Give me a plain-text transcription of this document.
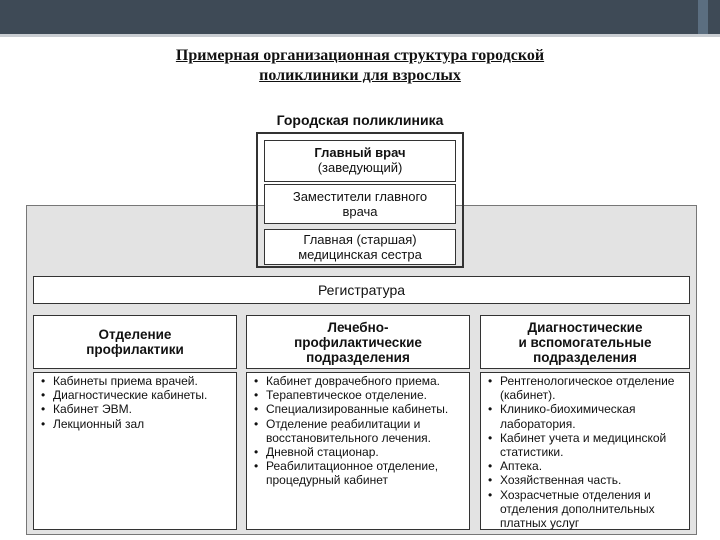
Примерная организационная структура городской
поликлиники для взрослых
Городская поликлиника
Главный врач
(заведующий)
Заместители главного
врача
Главная (старшая)
медицинская сестра
Регистратура
Отделение
профилактики
• Кабинеты приема врачей.
• Диагностические кабинеты.
• Кабинет ЭВМ.
• Лекционный зал
Лечебно-
профилактические
подразделения
• Кабинет доврачебного приема.
• Терапевтическое отделение.
• Специализированные кабинеты.
• Отделение реабилитации и восстановительного лечения.
• Дневной стационар.
• Реабилитационное отделение, процедурный кабинет
Диагностические
и вспомогательные
подразделения
• Рентгенологическое отделение (кабинет).
• Клинико-биохимическая лаборатория.
• Кабинет учета и медицинской статистики.
• Аптека.
• Хозяйственная часть.
• Хозрасчетные отделения и отделения дополнительных платных услуг
